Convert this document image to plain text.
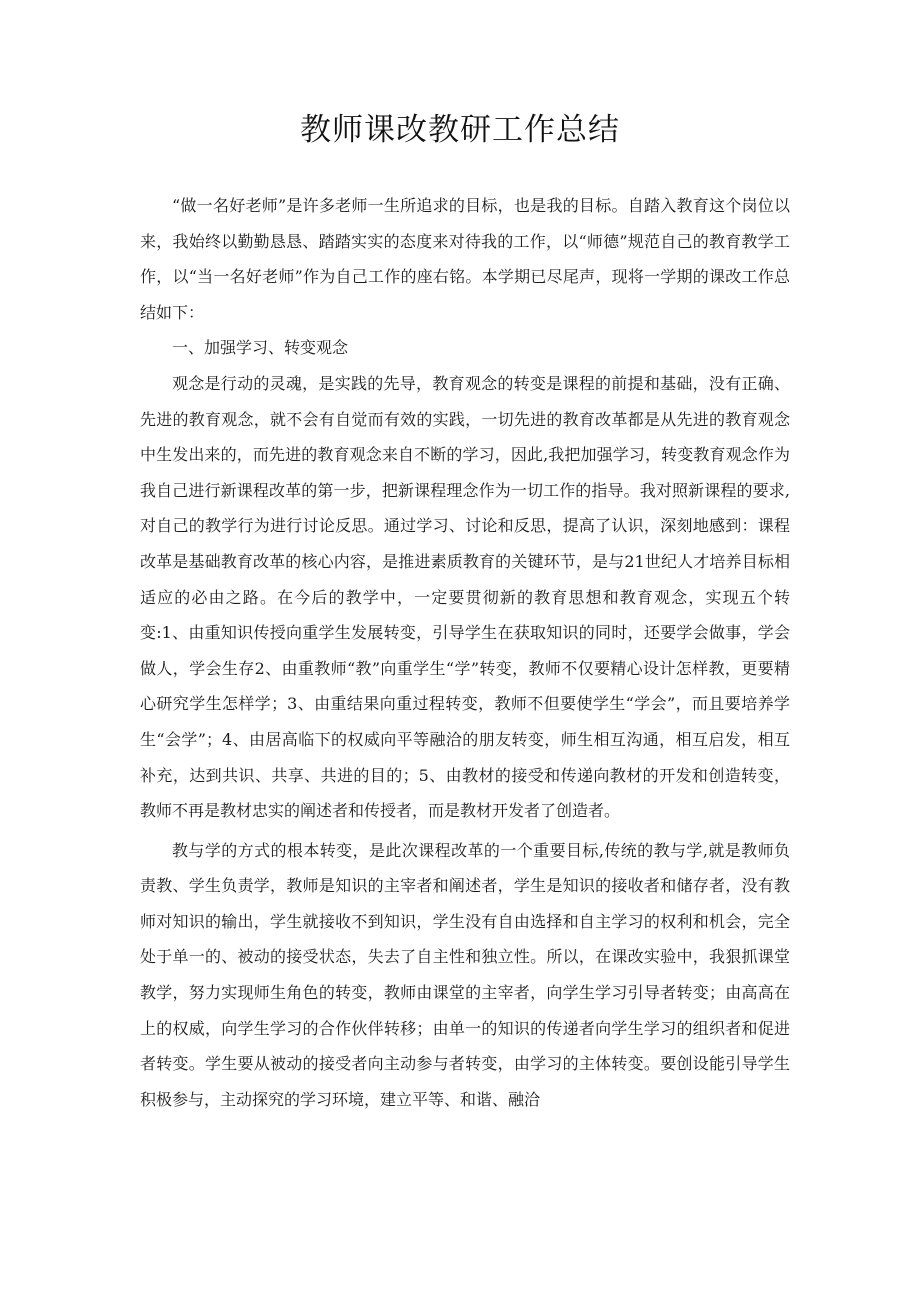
教师课改教研工作总结

“做一名好老师”是许多老师一生所追求的目标，也是我的目标。自踏入教育这个岗位以来，我始终以勤勤恳恳、踏踏实实的态度来对待我的工作，以“师德”规范自己的教育教学工作，以“当一名好老师”作为自己工作的座右铭。本学期已尽尾声，现将一学期的课改工作总结如下：

一、加强学习、转变观念

观念是行动的灵魂，是实践的先导，教育观念的转变是课程的前提和基础，没有正确、先进的教育观念，就不会有自觉而有效的实践，一切先进的教育改革都是从先进的教育观念中生发出来的，而先进的教育观念来自不断的学习，因此,我把加强学习，转变教育观念作为我自己进行新课程改革的第一步，把新课程理念作为一切工作的指导。我对照新课程的要求,对自己的教学行为进行讨论反思。通过学习、讨论和反思，提高了认识，深刻地感到：课程改革是基础教育改革的核心内容，是推进素质教育的关键环节，是与21世纪人才培养目标相适应的必由之路。在今后的教学中，一定要贯彻新的教育思想和教育观念，实现五个转变:1、由重知识传授向重学生发展转变，引导学生在获取知识的同时，还要学会做事，学会做人，学会生存2、由重教师“教”向重学生“学”转变，教师不仅要精心设计怎样教，更要精心研究学生怎样学；3、由重结果向重过程转变，教师不但要使学生“学会”，而且要培养学生“会学”；4、由居高临下的权威向平等融洽的朋友转变，师生相互沟通，相互启发，相互补充，达到共识、共享、共进的目的；5、由教材的接受和传递向教材的开发和创造转变，教师不再是教材忠实的阐述者和传授者，而是教材开发者了创造者。

教与学的方式的根本转变，是此次课程改革的一个重要目标,传统的教与学,就是教师负责教、学生负责学，教师是知识的主宰者和阐述者，学生是知识的接收者和储存者，没有教师对知识的输出，学生就接收不到知识，学生没有自由选择和自主学习的权利和机会，完全处于单一的、被动的接受状态，失去了自主性和独立性。所以，在课改实验中，我狠抓课堂教学，努力实现师生角色的转变，教师由课堂的主宰者，向学生学习引导者转变；由高高在上的权威，向学生学习的合作伙伴转移；由单一的知识的传递者向学生学习的组织者和促进者转变。学生要从被动的接受者向主动参与者转变，由学习的主体转变。要创设能引导学生积极参与，主动探究的学习环境，建立平等、和谐、融洽
